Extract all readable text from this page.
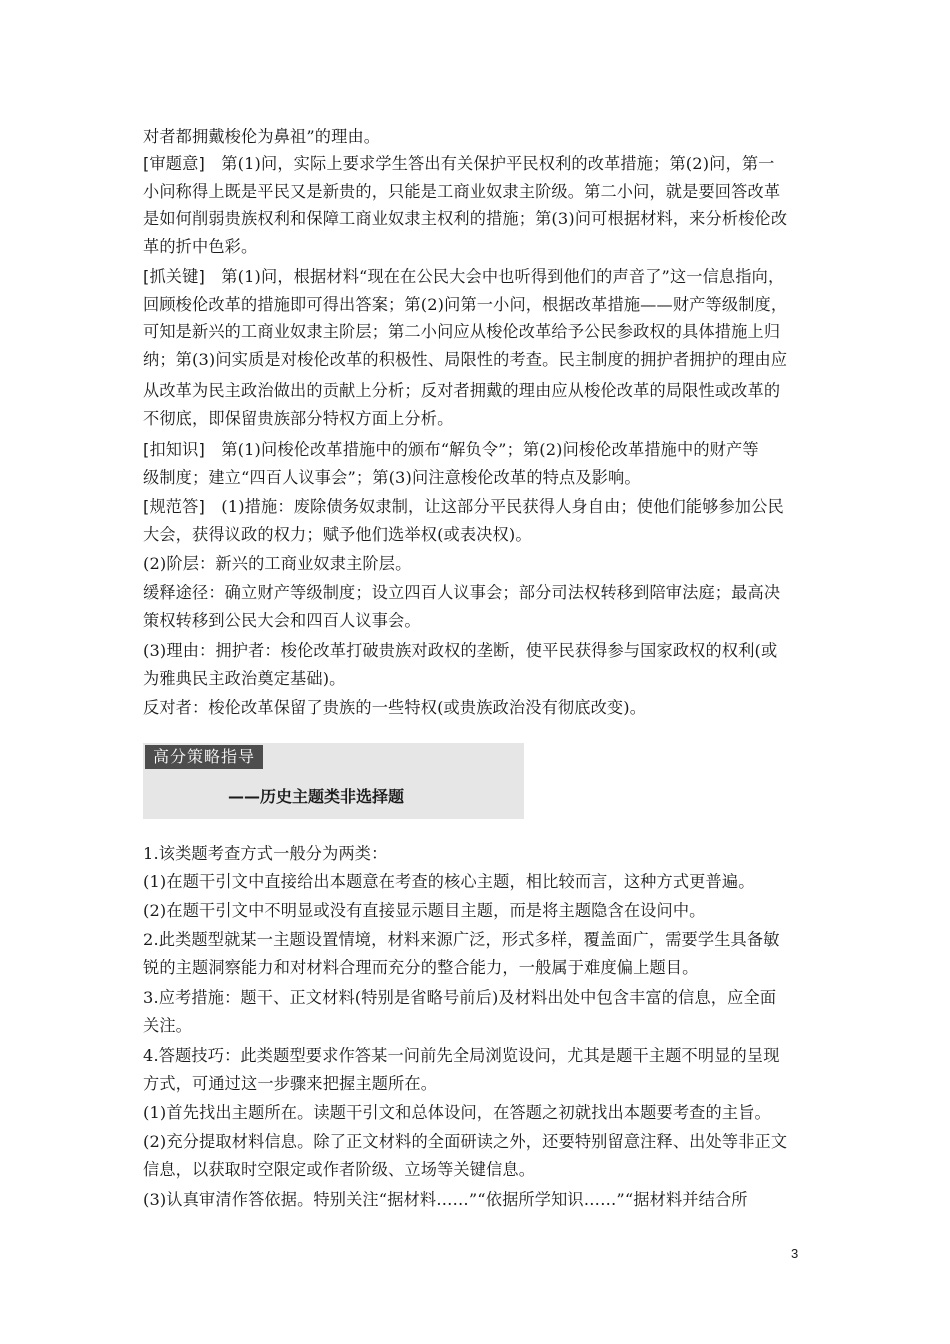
对者都拥戴梭伦为鼻祖”的理由。
[审题意]　第(1)问，实际上要求学生答出有关保护平民权利的改革措施；第(2)问，第一
小问称得上既是平民又是新贵的，只能是工商业奴隶主阶级。第二小问，就是要回答改革
是如何削弱贵族权利和保障工商业奴隶主权利的措施；第(3)问可根据材料，来分析梭伦改
革的折中色彩。
[抓关键]　第(1)问，根据材料“现在在公民大会中也听得到他们的声音了”这一信息指向，
回顾梭伦改革的措施即可得出答案；第(2)问第一小问，根据改革措施——财产等级制度，
可知是新兴的工商业奴隶主阶层；第二小问应从梭伦改革给予公民参政权的具体措施上归
纳；第(3)问实质是对梭伦改革的积极性、局限性的考查。民主制度的拥护者拥护的理由应
从改革为民主政治做出的贡献上分析；反对者拥戴的理由应从梭伦改革的局限性或改革的
不彻底，即保留贵族部分特权方面上分析。
[扣知识]　第(1)问梭伦改革措施中的颁布“解负令”；第(2)问梭伦改革措施中的财产等
级制度；建立“四百人议事会”；第(3)问注意梭伦改革的特点及影响。
[规范答]　(1)措施：废除债务奴隶制，让这部分平民获得人身自由；使他们能够参加公民
大会，获得议政的权力；赋予他们选举权(或表决权)。
(2)阶层：新兴的工商业奴隶主阶层。
缓释途径：确立财产等级制度；设立四百人议事会；部分司法权转移到陪审法庭；最高决
策权转移到公民大会和四百人议事会。
(3)理由：拥护者：梭伦改革打破贵族对政权的垄断，使平民获得参与国家政权的权利(或
为雅典民主政治奠定基础)。
反对者：梭伦改革保留了贵族的一些特权(或贵族政治没有彻底改变)。
高分策略指导
——历史主题类非选择题
1.该类题考查方式一般分为两类：
(1)在题干引文中直接给出本题意在考查的核心主题，相比较而言，这种方式更普遍。
(2)在题干引文中不明显或没有直接显示题目主题，而是将主题隐含在设问中。
2.此类题型就某一主题设置情境，材料来源广泛，形式多样，覆盖面广，需要学生具备敏
锐的主题洞察能力和对材料合理而充分的整合能力，一般属于难度偏上题目。
3.应考措施：题干、正文材料(特别是省略号前后)及材料出处中包含丰富的信息，应全面
关注。
4.答题技巧：此类题型要求作答某一问前先全局浏览设问，尤其是题干主题不明显的呈现
方式，可通过这一步骤来把握主题所在。
(1)首先找出主题所在。读题干引文和总体设问，在答题之初就找出本题要考查的主旨。
(2)充分提取材料信息。除了正文材料的全面研读之外，还要特别留意注释、出处等非正文
信息，以获取时空限定或作者阶级、立场等关键信息。
(3)认真审清作答依据。特别关注“据材料……”“依据所学知识……”“据材料并结合所
3
